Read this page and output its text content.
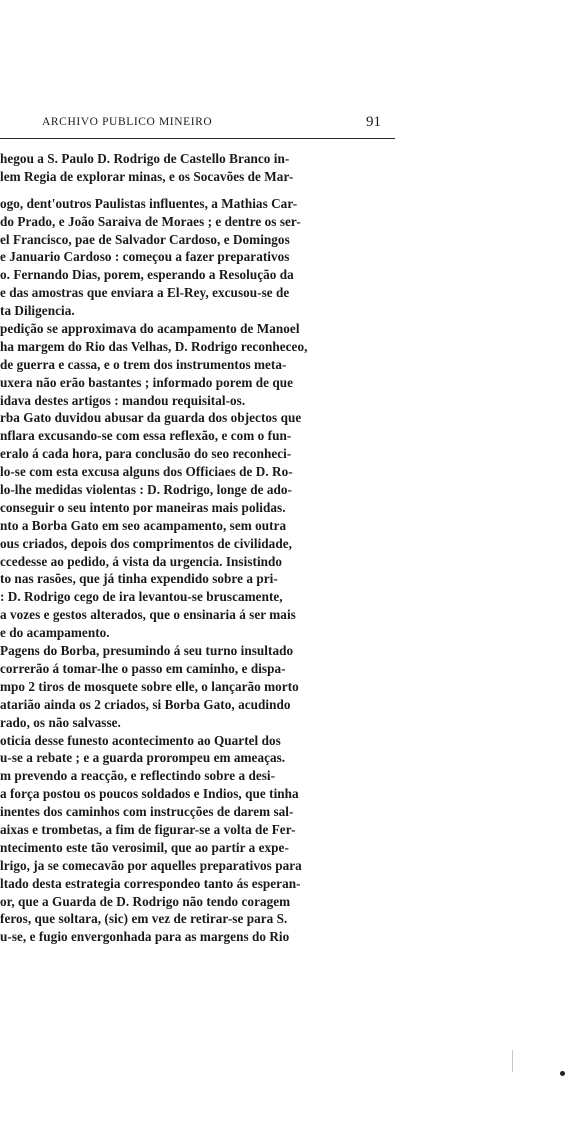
ARCHIVO PUBLICO MINEIRO	91
hegou a S. Paulo D. Rodrigo de Castello Branco in-
lem Regia de explorar minas, e os Socavões de Mar-
ogo, dent'outros Paulistas influentes, a Mathias Car-
do Prado, e João Saraiva de Moraes ; e dentre os ser-
el Francisco, pae de Salvador Cardoso, e Domingos
e Januario Cardoso : começou a fazer preparativos
o. Fernando Dias, porem, esperando a Resolução da
e das amostras que enviara a El-Rey, excusou-se de
ta Diligencia.
pedição se approximava do acampamento de Manoel
ha margem do Rio das Velhas, D. Rodrigo reconheceo,
de guerra e cassa, e o trem dos instrumentos meta-
uxera não erão bastantes ; informado porem de que
idava destes artigos : mandou requisital-os.
rba Gato duvidou abusar da guarda dos objectos que
nflara excusando-se com essa reflexão, e com o fun-
eralo á cada hora, para conclusão do seo reconheci-
lo-se com esta excusa alguns dos Officiaes de D. Ro-
lo-lhe medidas violentas : D. Rodrigo, longe de ado-
conseguir o seu intento por maneiras mais polidas.
nto a Borba Gato em seo acampamento, sem outra
ous criados, depois dos comprimentos de civilidade,
ccedesse ao pedido, á vista da urgencia. Insistindo
to nas rasões, que já tinha expendido sobre a pri-
: D. Rodrigo cego de ira levantou-se bruscamente,
a vozes e gestos alterados, que o ensinaria á ser mais
e do acampamento.
Pagens do Borba, presumindo á seu turno insultado
correrão á tomar-lhe o passo em caminho, e dispa-
mpo 2 tiros de mosquete sobre elle, o lançarão morto
atarião ainda os 2 criados, si Borba Gato, acudindo
rado, os não salvasse.
oticia desse funesto acontecimento ao Quartel dos
u-se a rebate ; e a guarda prorompeu em ameaças.
m prevendo a reacção, e reflectindo sobre a desi-
a força postou os poucos soldados e Indios, que tinha
inentes dos caminhos com instrucções de darem sal-
aixas e trombetas, a fim de figurar-se a volta de Fer-
ntecimento este tão verosimil, que ao partir a expe-
lrigo, ja se comecavão por aquelles preparativos para
ltado desta estrategia correspondeo tanto ás esperan-
or, que a Guarda de D. Rodrigo não tendo coragem
feros, que soltara, (sic) em vez de retirar-se para S.
u-se, e fugio envergonhada para as margens do Rio
